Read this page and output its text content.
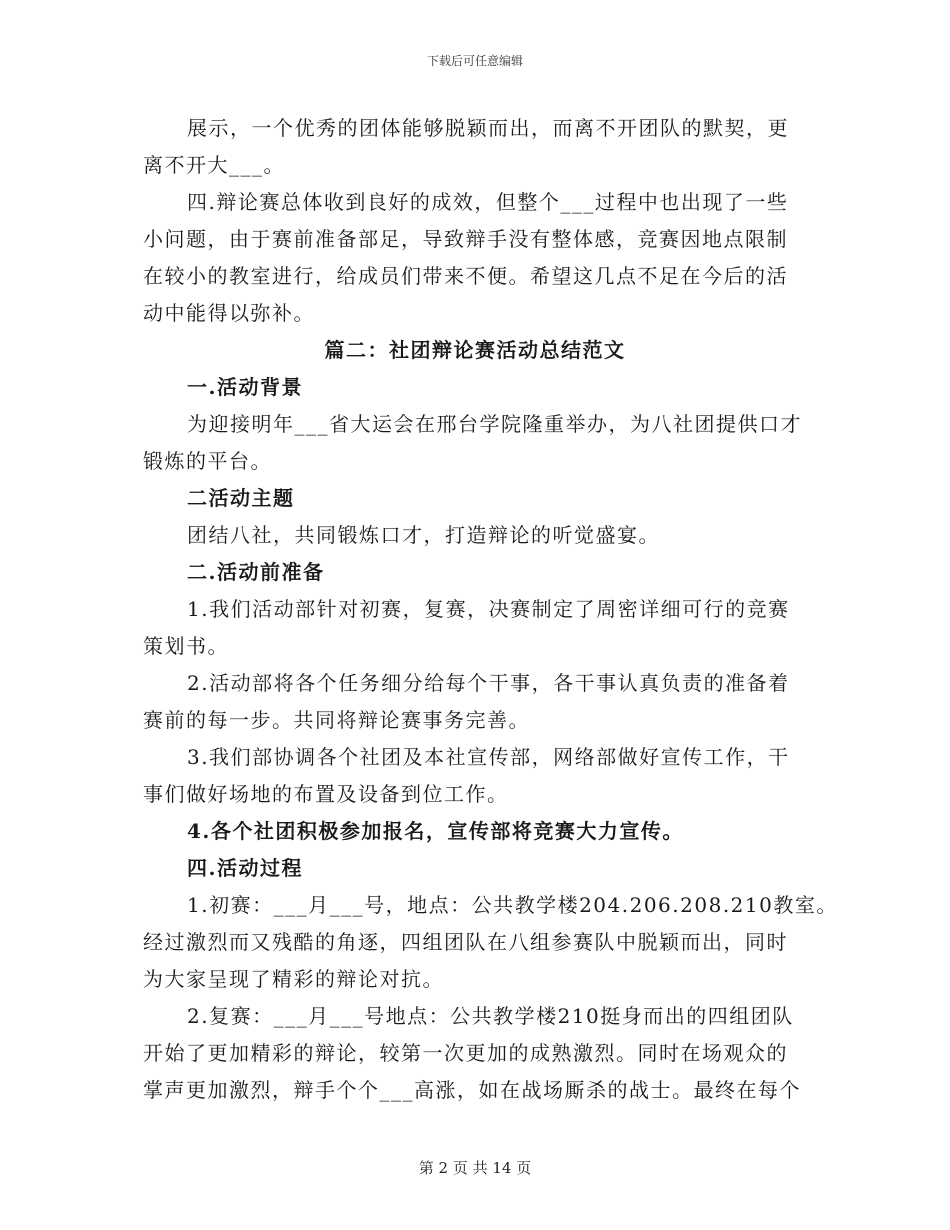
下载后可任意编辑
展示，一个优秀的团体能够脱颖而出，而离不开团队的默契，更
离不开大___。
四.辩论赛总体收到良好的成效，但整个___过程中也出现了一些
小问题，由于赛前准备部足，导致辩手没有整体感，竞赛因地点限制
在较小的教室进行，给成员们带来不便。希望这几点不足在今后的活
动中能得以弥补。
篇二：社团辩论赛活动总结范文
一.活动背景
为迎接明年___省大运会在邢台学院隆重举办，为八社团提供口才
锻炼的平台。
二活动主题
团结八社，共同锻炼口才，打造辩论的听觉盛宴。
二.活动前准备
1.我们活动部针对初赛，复赛，决赛制定了周密详细可行的竞赛
策划书。
2.活动部将各个任务细分给每个干事，各干事认真负责的准备着
赛前的每一步。共同将辩论赛事务完善。
3.我们部协调各个社团及本社宣传部，网络部做好宣传工作，干
事们做好场地的布置及设备到位工作。
4.各个社团积极参加报名，宣传部将竞赛大力宣传。
四.活动过程
1.初赛：___月___号，地点：公共教学楼204.206.208.210教室。
经过激烈而又残酷的角逐，四组团队在八组参赛队中脱颖而出，同时
为大家呈现了精彩的辩论对抗。
2.复赛：___月___号地点：公共教学楼210挺身而出的四组团队
开始了更加精彩的辩论，较第一次更加的成熟激烈。同时在场观众的
掌声更加激烈，辩手个个___高涨，如在战场厮杀的战士。最终在每个
第 2 页 共 14 页
